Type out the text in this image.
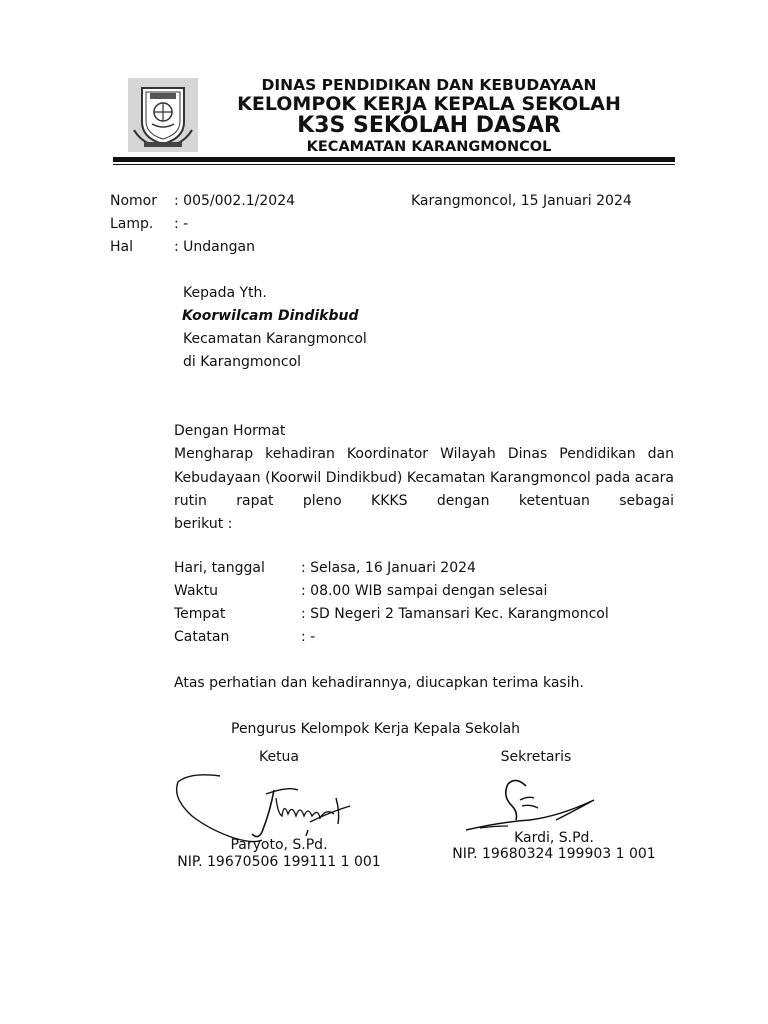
DINAS PENDIDIKAN DAN KEBUDAYAAN
KELOMPOK KERJA KEPALA SEKOLAH
K3S SEKOLAH DASAR
KECAMATAN KARANGMONCOL
Nomor : 005/002.1/2024	Karangmoncol, 15 Januari 2024
Lamp. : -
Hal	: Undangan
Kepada Yth.
Koorwilcam Dindikbud
Kecamatan Karangmoncol
di Karangmoncol
Dengan Hormat
Mengharap kehadiran Koordinator Wilayah Dinas Pendidikan dan Kebudayaan (Koorwil Dindikbud) Kecamatan Karangmoncol pada acara rutin rapat pleno KKKS dengan ketentuan sebagai
berikut :
Hari, tanggal	: Selasa, 16 Januari 2024
Waktu	: 08.00 WIB sampai dengan selesai
Tempat	: SD Negeri 2 Tamansari Kec. Karangmoncol
Catatan	: -
Atas perhatian dan kehadirannya, diucapkan terima kasih.
Pengurus Kelompok Kerja Kepala Sekolah
Ketua	Sekretaris
Paryoto, S.Pd.
NIP. 19670506 199111 1 001
Kardi, S.Pd.
NIP. 19680324 199903 1 001
